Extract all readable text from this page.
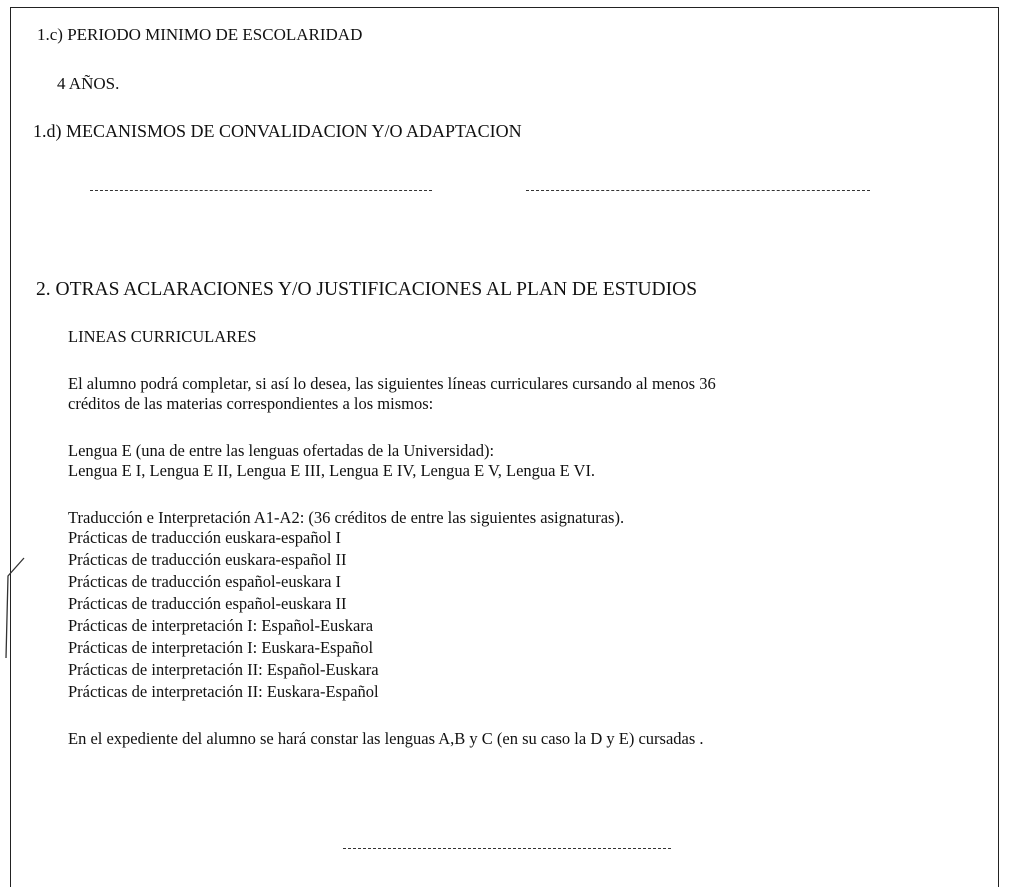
1.c) PERIODO MINIMO DE ESCOLARIDAD
4 AÑOS.
1.d) MECANISMOS DE CONVALIDACION Y/O ADAPTACION
2. OTRAS ACLARACIONES Y/O JUSTIFICACIONES AL PLAN DE ESTUDIOS
LINEAS CURRICULARES
El alumno podrá completar, si así lo desea, las siguientes líneas curriculares cursando al menos 36
créditos de las materias correspondientes a los mismos:
Lengua E (una de entre las lenguas ofertadas de la Universidad):
Lengua E I, Lengua E II, Lengua E III, Lengua E IV, Lengua E V, Lengua E VI.
Traducción e Interpretación A1-A2: (36 créditos de entre las siguientes asignaturas).
Prácticas de traducción euskara-español I
Prácticas de traducción euskara-español II
Prácticas de traducción español-euskara I
Prácticas de traducción español-euskara II
Prácticas de interpretación I: Español-Euskara
Prácticas de interpretación I: Euskara-Español
Prácticas de interpretación II: Español-Euskara
Prácticas de interpretación II: Euskara-Español
En el expediente del alumno se hará constar las lenguas A,B y C (en su caso la D y E) cursadas .
